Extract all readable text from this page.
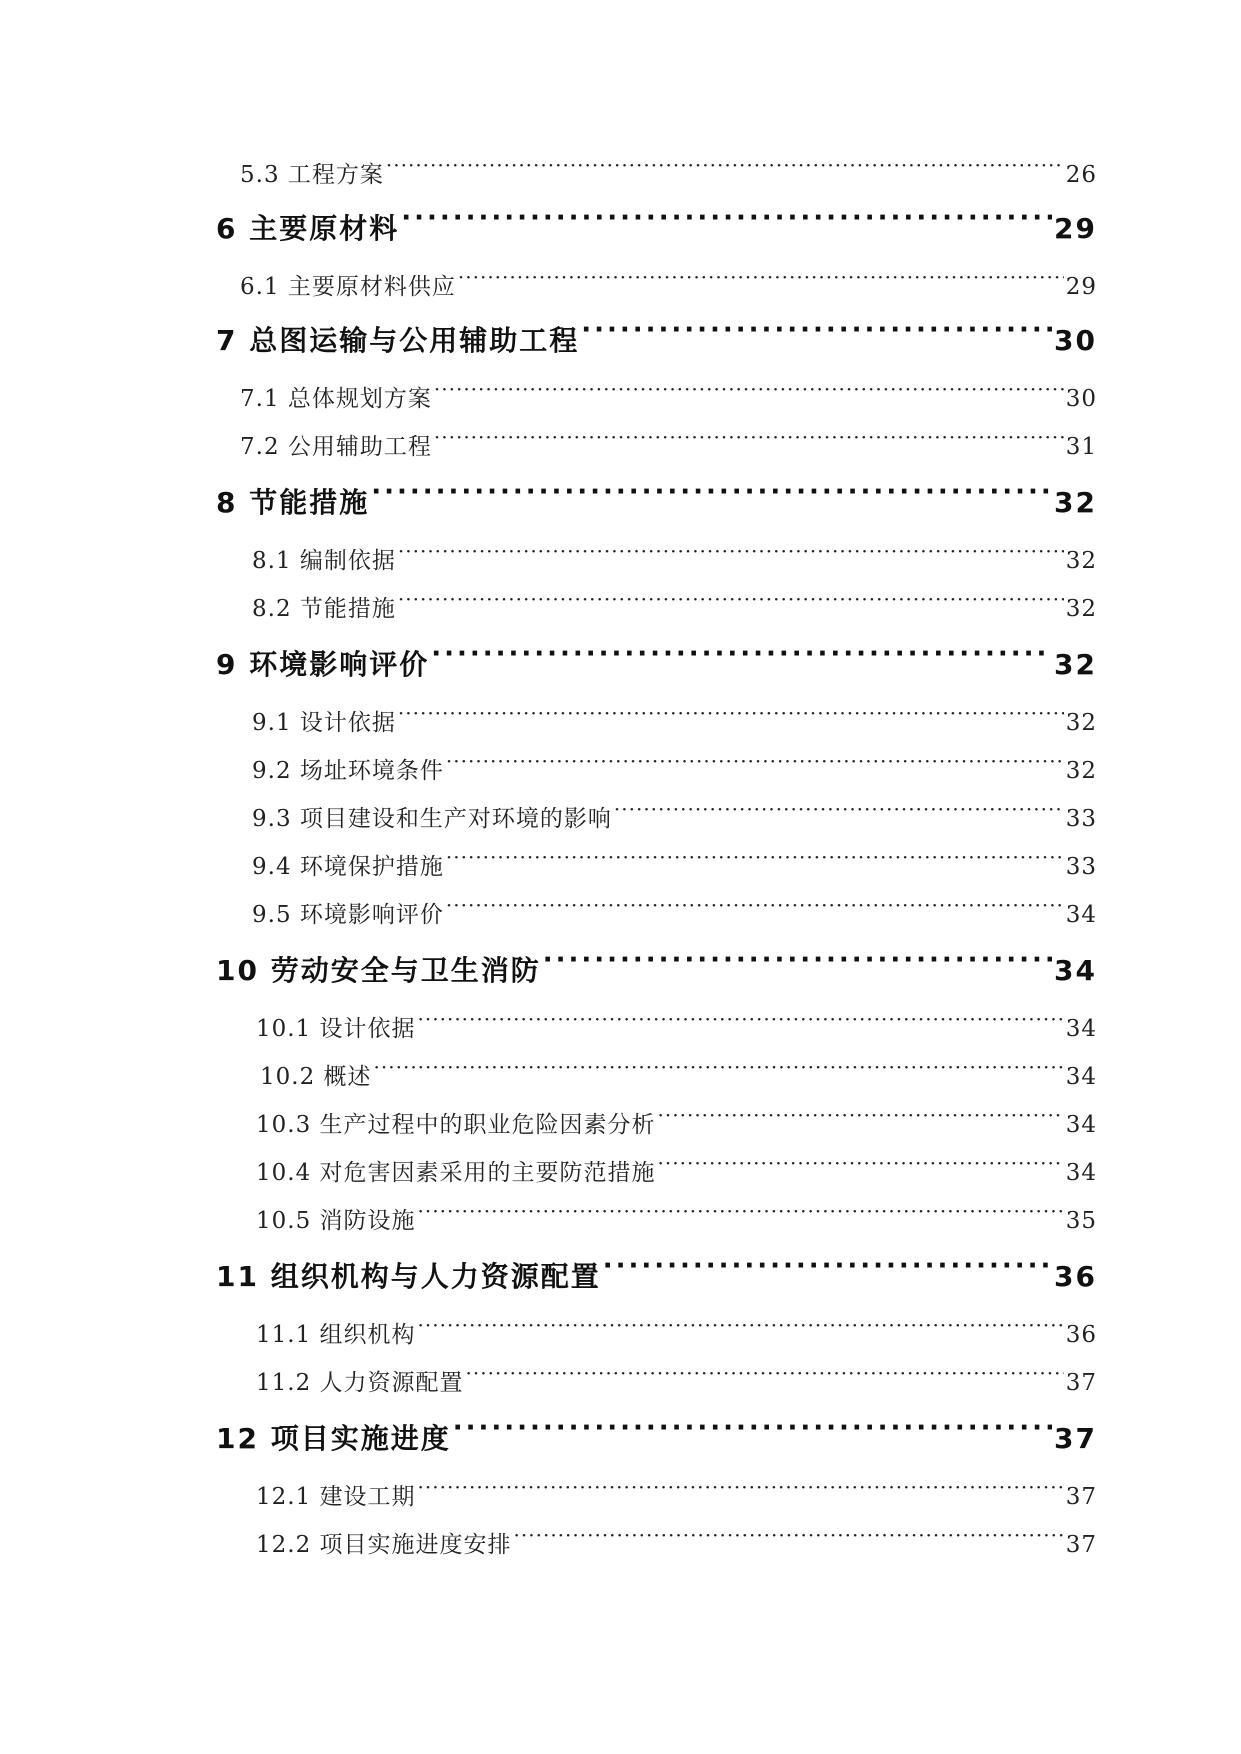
5.3 工程方案 ·····	26
6 主要原材料 ·····	29
6.1 主要原材料供应 ·····	29
7 总图运输与公用辅助工程 ·····	30
7.1 总体规划方案 ·····	30
7.2 公用辅助工程 ·····	31
8 节能措施 ·····	32
8.1 编制依据 ·····	32
8.2 节能措施 ·····	32
9 环境影响评价 ·····	32
9.1 设计依据 ·····	32
9.2 场址环境条件 ·····	32
9.3 项目建设和生产对环境的影响 ·····	33
9.4 环境保护措施 ·····	33
9.5 环境影响评价 ·····	34
10 劳动安全与卫生消防 ·····	34
10.1 设计依据 ·····	34
10.2 概述 ·····	34
10.3 生产过程中的职业危险因素分析 ·····	34
10.4 对危害因素采用的主要防范措施 ·····	34
10.5 消防设施 ·····	35
11 组织机构与人力资源配置 ·····	36
11.1 组织机构 ·····	36
11.2 人力资源配置 ·····	37
12 项目实施进度 ·····	37
12.1 建设工期 ·····	37
12.2 项目实施进度安排 ·····	37
